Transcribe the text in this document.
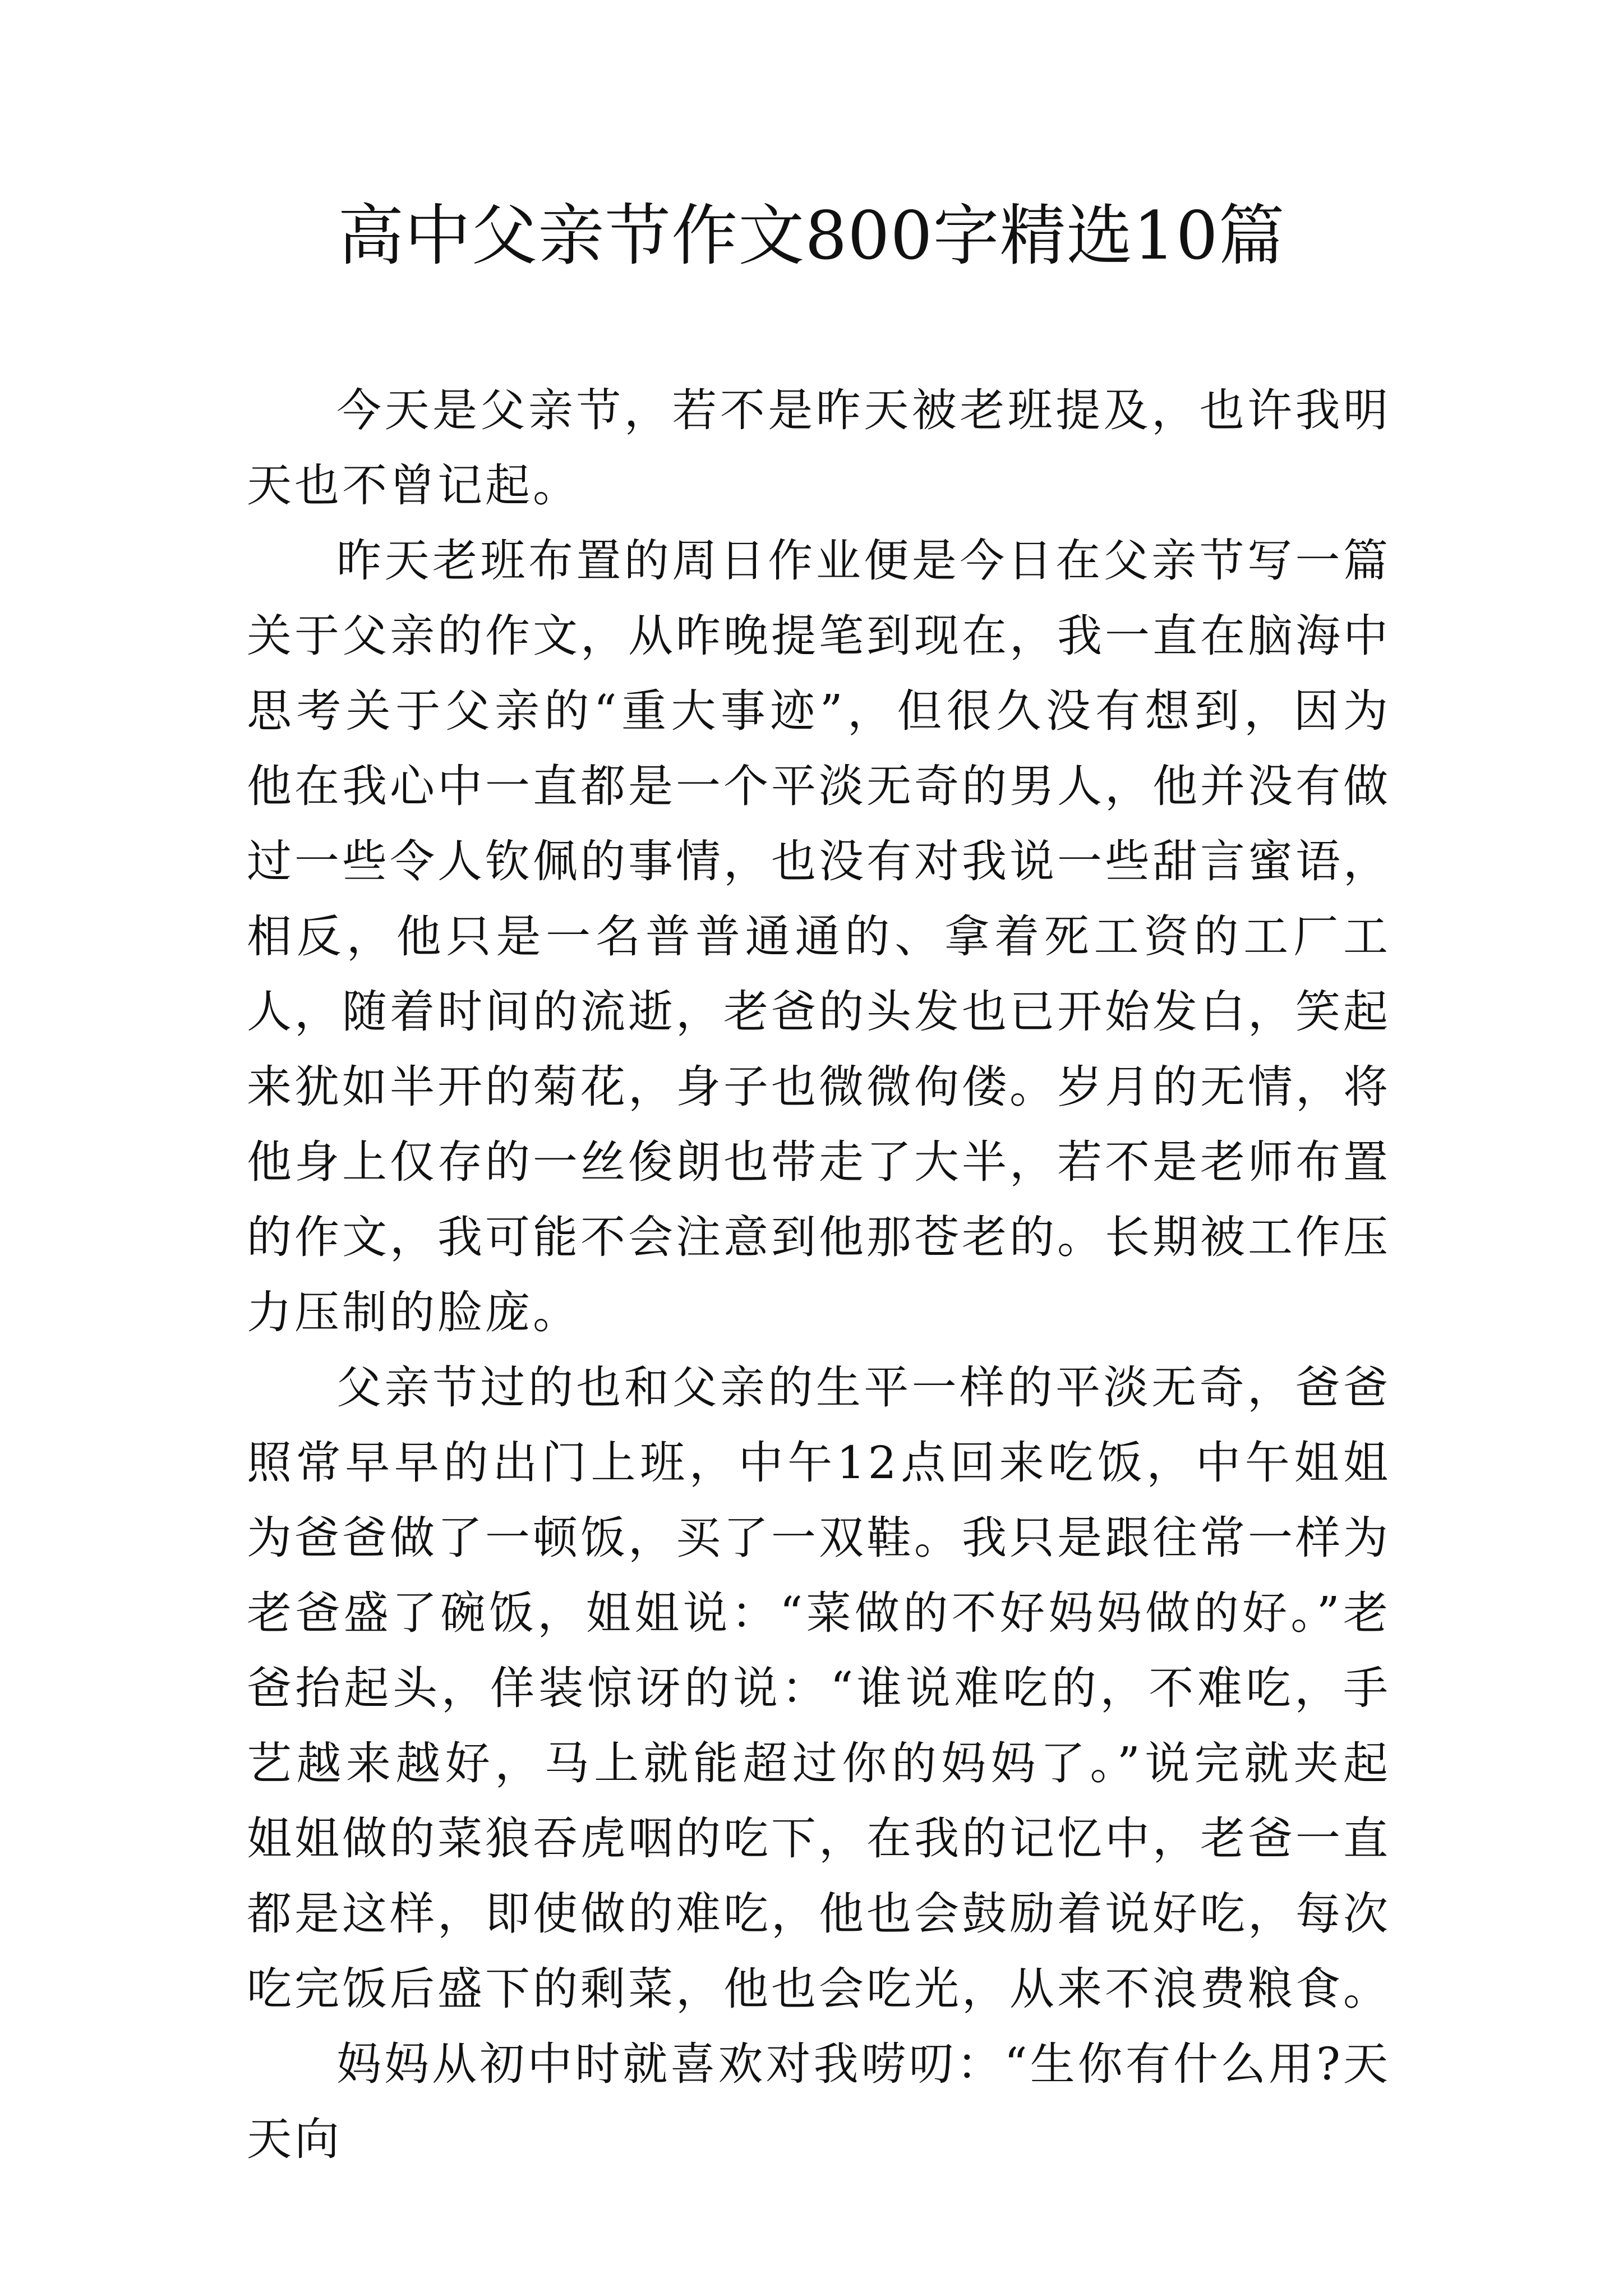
高中父亲节作文800字精选10篇

今天是父亲节，若不是昨天被老班提及，也许我明天也不曾记起。

昨天老班布置的周日作业便是今日在父亲节写一篇关于父亲的作文，从昨晚提笔到现在，我一直在脑海中思考关于父亲的“重大事迹”，但很久没有想到，因为他在我心中一直都是一个平淡无奇的男人，他并没有做过一些令人钦佩的事情，也没有对我说一些甜言蜜语，相反，他只是一名普普通通的、拿着死工资的工厂工人，随着时间的流逝，老爸的头发也已开始发白，笑起来犹如半开的菊花，身子也微微佝偻。岁月的无情，将他身上仅存的一丝俊朗也带走了大半，若不是老师布置的作文，我可能不会注意到他那苍老的。长期被工作压力压制的脸庞。

父亲节过的也和父亲的生平一样的平淡无奇，爸爸照常早早的出门上班，中午12点回来吃饭，中午姐姐为爸爸做了一顿饭，买了一双鞋。我只是跟往常一样为老爸盛了碗饭，姐姐说：“菜做的不好妈妈做的好。”老爸抬起头，佯装惊讶的说：“谁说难吃的，不难吃，手艺越来越好，马上就能超过你的妈妈了。”说完就夹起姐姐做的菜狼吞虎咽的吃下，在我的记忆中，老爸一直都是这样，即使做的难吃，他也会鼓励着说好吃，每次吃完饭后盛下的剩菜，他也会吃光，从来不浪费粮食。

妈妈从初中时就喜欢对我唠叨：“生你有什么用?天天向
